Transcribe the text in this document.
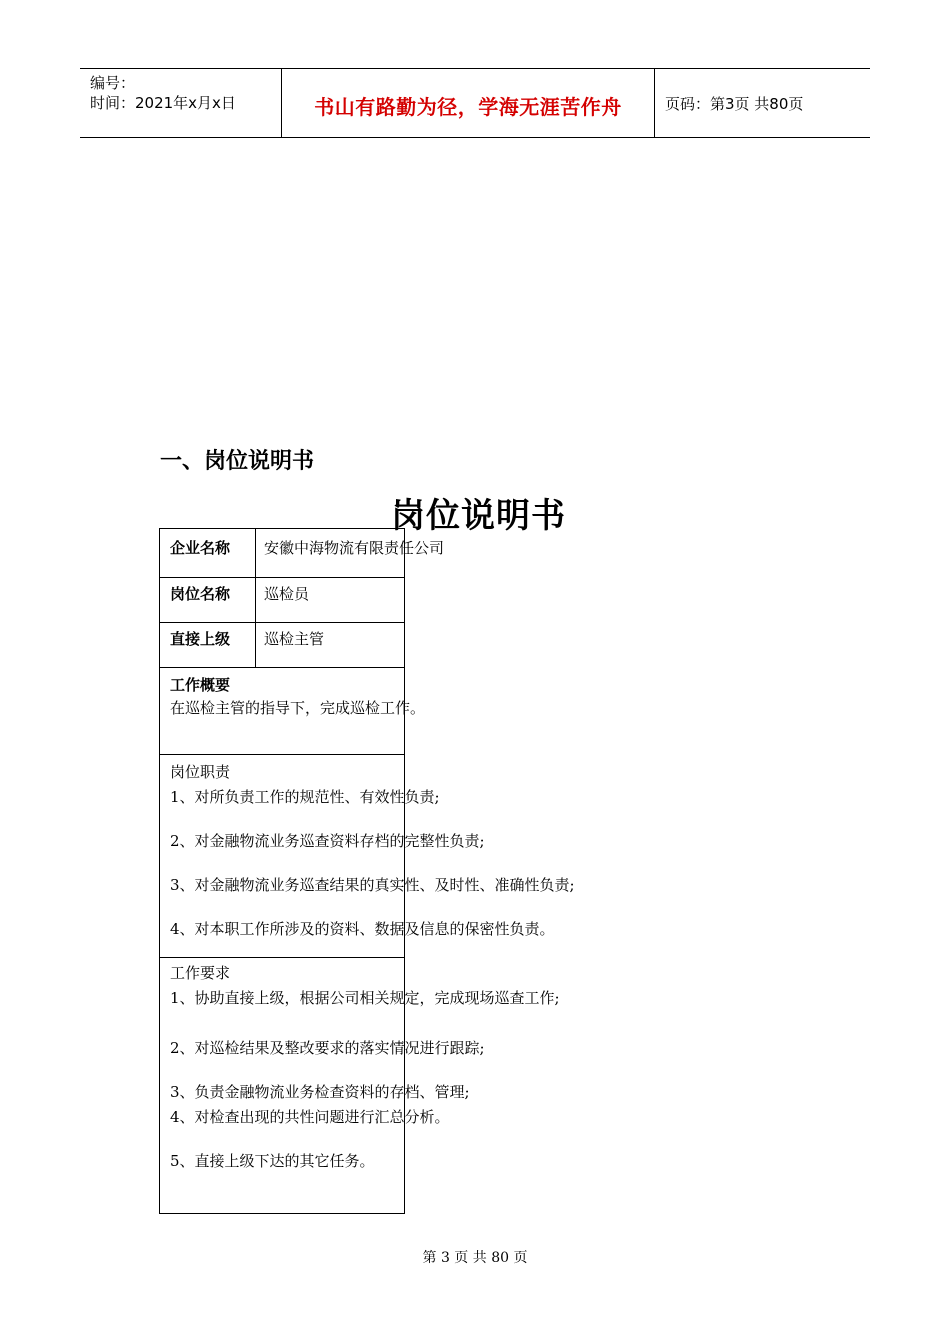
编号：
时间：2021年x月x日	书山有路勤为径，学海无涯苦作舟	页码：第3页 共80页
一、岗位说明书
岗位说明书
企业名称 安徽中海物流有限责任公司
岗位名称 巡检员
直接上级 巡检主管
工作概要
在巡检主管的指导下，完成巡检工作。
岗位职责
1、对所负责工作的规范性、有效性负责;
2、对金融物流业务巡查资料存档的完整性负责;
3、对金融物流业务巡查结果的真实性、及时性、准确性负责;
4、对本职工作所涉及的资料、数据及信息的保密性负责。
工作要求
1、协助直接上级，根据公司相关规定，完成现场巡查工作;
2、对巡检结果及整改要求的落实情况进行跟踪;
3、负责金融物流业务检查资料的存档、管理;
4、对检查出现的共性问题进行汇总分析。
5、直接上级下达的其它任务。
第 3 页 共 80 页
